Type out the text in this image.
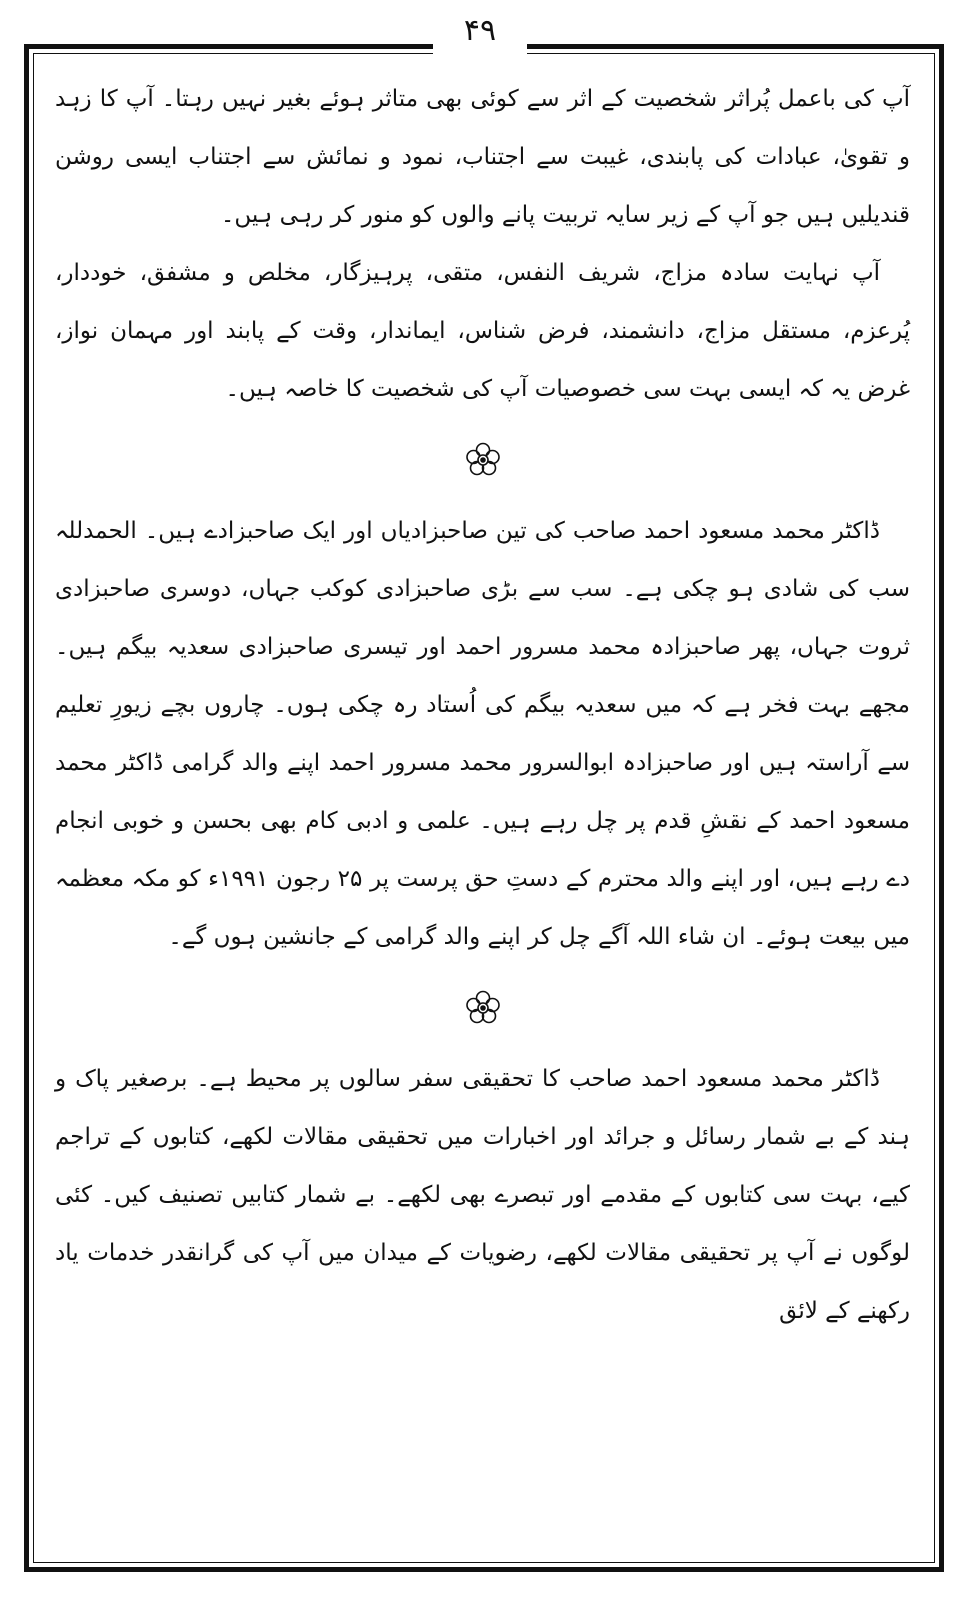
۴۹

آپ کی باعمل پُراثر شخصیت کے اثر سے کوئی بھی متاثر ہوئے بغیر نہیں رہتا۔ آپ کا زہد و تقویٰ، عبادات کی پابندی، غیبت سے اجتناب، نمود و نمائش سے اجتناب ایسی روشن قندیلیں ہیں جو آپ کے زیر سایہ تربیت پانے والوں کو منور کر رہی ہیں۔

آپ نہایت سادہ مزاج، شریف النفس، متقی، پرہیزگار، مخلص و مشفق، خوددار، پُرعزم، مستقل مزاج، دانشمند، فرض شناس، ایماندار، وقت کے پابند اور مہمان نواز، غرض یہ کہ ایسی بہت سی خصوصیات آپ کی شخصیت کا خاصہ ہیں۔

ڈاکٹر محمد مسعود احمد صاحب کی تین صاحبزادیاں اور ایک صاحبزادے ہیں۔ الحمدللہ سب کی شادی ہو چکی ہے۔ سب سے بڑی صاحبزادی کوکب جہاں، دوسری صاحبزادی ثروت جہاں، پھر صاحبزادہ محمد مسرور احمد اور تیسری صاحبزادی سعدیہ بیگم ہیں۔ مجھے بہت فخر ہے کہ میں سعدیہ بیگم کی اُستاد رہ چکی ہوں۔ چاروں بچے زیورِ تعلیم سے آراستہ ہیں اور صاحبزادہ ابوالسرور محمد مسرور احمد اپنے والد گرامی ڈاکٹر محمد مسعود احمد کے نقشِ قدم پر چل رہے ہیں۔ علمی و ادبی کام بھی بحسن و خوبی انجام دے رہے ہیں، اور اپنے والد محترم کے دستِ حق پرست پر ۲۵ رجون ۱۹۹۱ء کو مکہ معظمہ میں بیعت ہوئے۔ ان شاء اللہ آگے چل کر اپنے والد گرامی کے جانشین ہوں گے۔

ڈاکٹر محمد مسعود احمد صاحب کا تحقیقی سفر سالوں پر محیط ہے۔ برصغیر پاک و ہند کے بے شمار رسائل و جرائد اور اخبارات میں تحقیقی مقالات لکھے، کتابوں کے تراجم کیے، بہت سی کتابوں کے مقدمے اور تبصرے بھی لکھے۔ بے شمار کتابیں تصنیف کیں۔ کئی لوگوں نے آپ پر تحقیقی مقالات لکھے، رضویات کے میدان میں آپ کی گرانقدر خدمات یاد رکھنے کے لائق
